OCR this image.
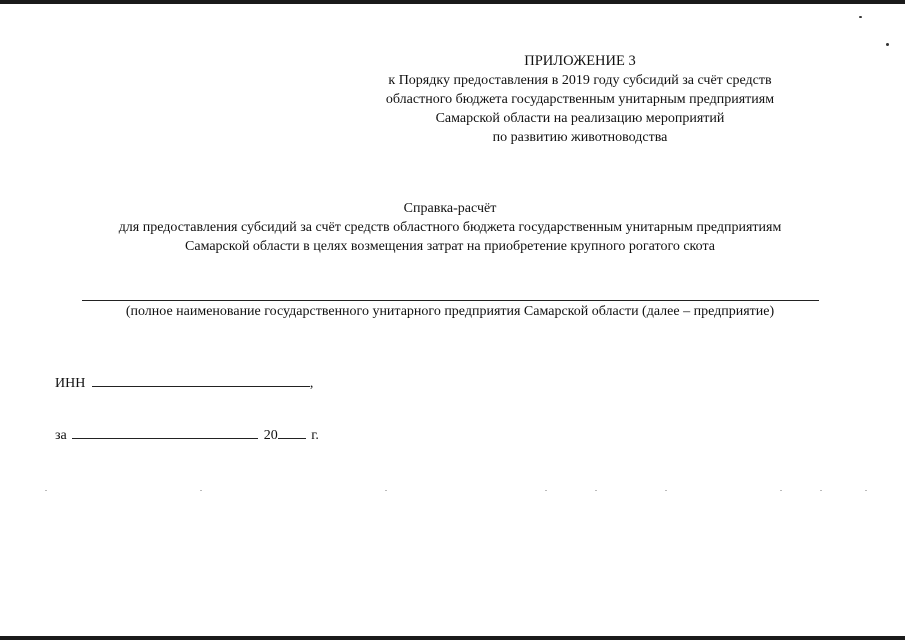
ПРИЛОЖЕНИЕ 3
к Порядку предоставления в 2019 году субсидий за счёт средств
областного бюджета государственным унитарным предприятиям
Самарской области на реализацию мероприятий
по развитию животноводства
Справка-расчёт
для предоставления субсидий за счёт средств областного бюджета государственным унитарным предприятиям
Самарской области в целях возмещения затрат на приобретение крупного рогатого скота
(полное наименование государственного унитарного предприятия Самарской области (далее – предприятие)
ИНН	,
за	20 г.
